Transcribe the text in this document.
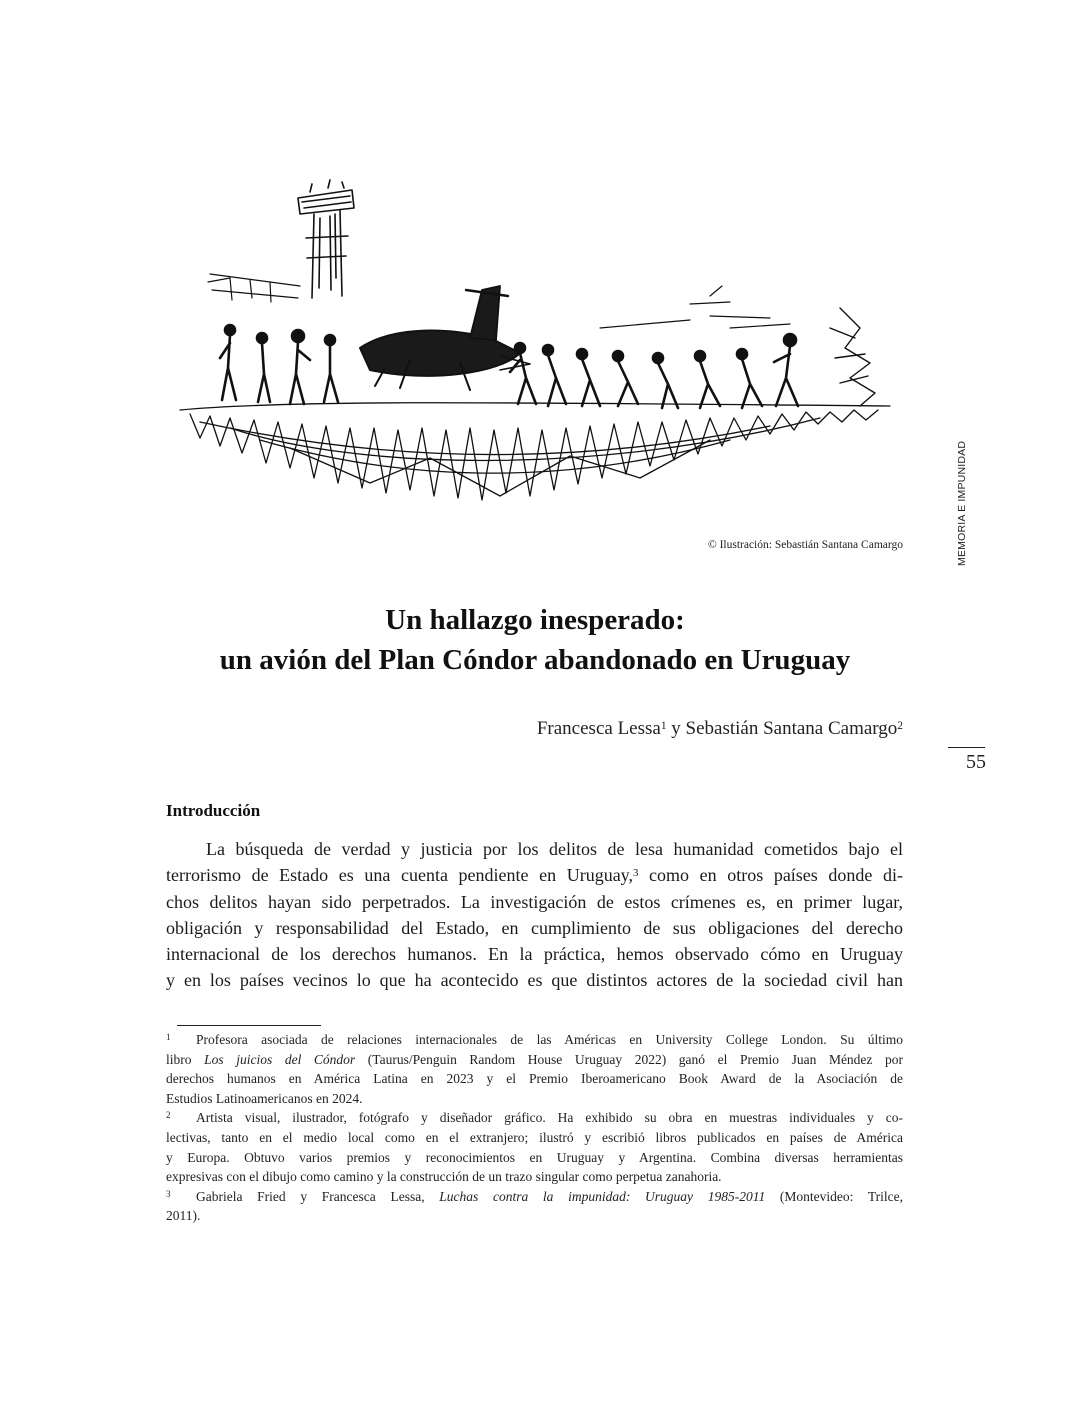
© Ilustración: Sebastián Santana Camargo	MEMORIA E IMPUNIDAD
55
Un hallazgo inesperado:
un avión del Plan Cóndor abandonado en Uruguay
Francesca Lessa$^1$ y Sebastián Santana Camargo$^2$
Introducción
La búsqueda de verdad y justicia por los delitos de lesa humanidad cometidos bajo el
terrorismo de Estado es una cuenta pendiente en Uruguay,$^3$ como en otros países donde di-
chos delitos hayan sido perpetrados. La investigación de estos crímenes es, en primer lugar,
obligación y responsabilidad del Estado, en cumplimiento de sus obligaciones del derecho
internacional de los derechos humanos. En la práctica, hemos observado cómo en Uruguay
y en los países vecinos lo que ha acontecido es que distintos actores de la sociedad civil han
1 Profesora asociada de relaciones internacionales de las Américas en University College London. Su último
libro Los juicios del Cóndor (Taurus/Penguin Random House Uruguay 2022) ganó el Premio Juan Méndez por
derechos humanos en América Latina en 2023 y el Premio Iberoamericano Book Award de la Asociación de
Estudios Latinoamericanos en 2024.
2 Artista visual, ilustrador, fotógrafo y diseñador gráfico. Ha exhibido su obra en muestras individuales y co-
lectivas, tanto en el medio local como en el extranjero; ilustró y escribió libros publicados en países de América
y Europa. Obtuvo varios premios y reconocimientos en Uruguay y Argentina. Combina diversas herramientas
expresivas con el dibujo como camino y la construcción de un trazo singular como perpetua zanahoria.
3 Gabriela Fried y Francesca Lessa, Luchas contra la impunidad: Uruguay 1985-2011 (Montevideo: Trilce,
2011).
